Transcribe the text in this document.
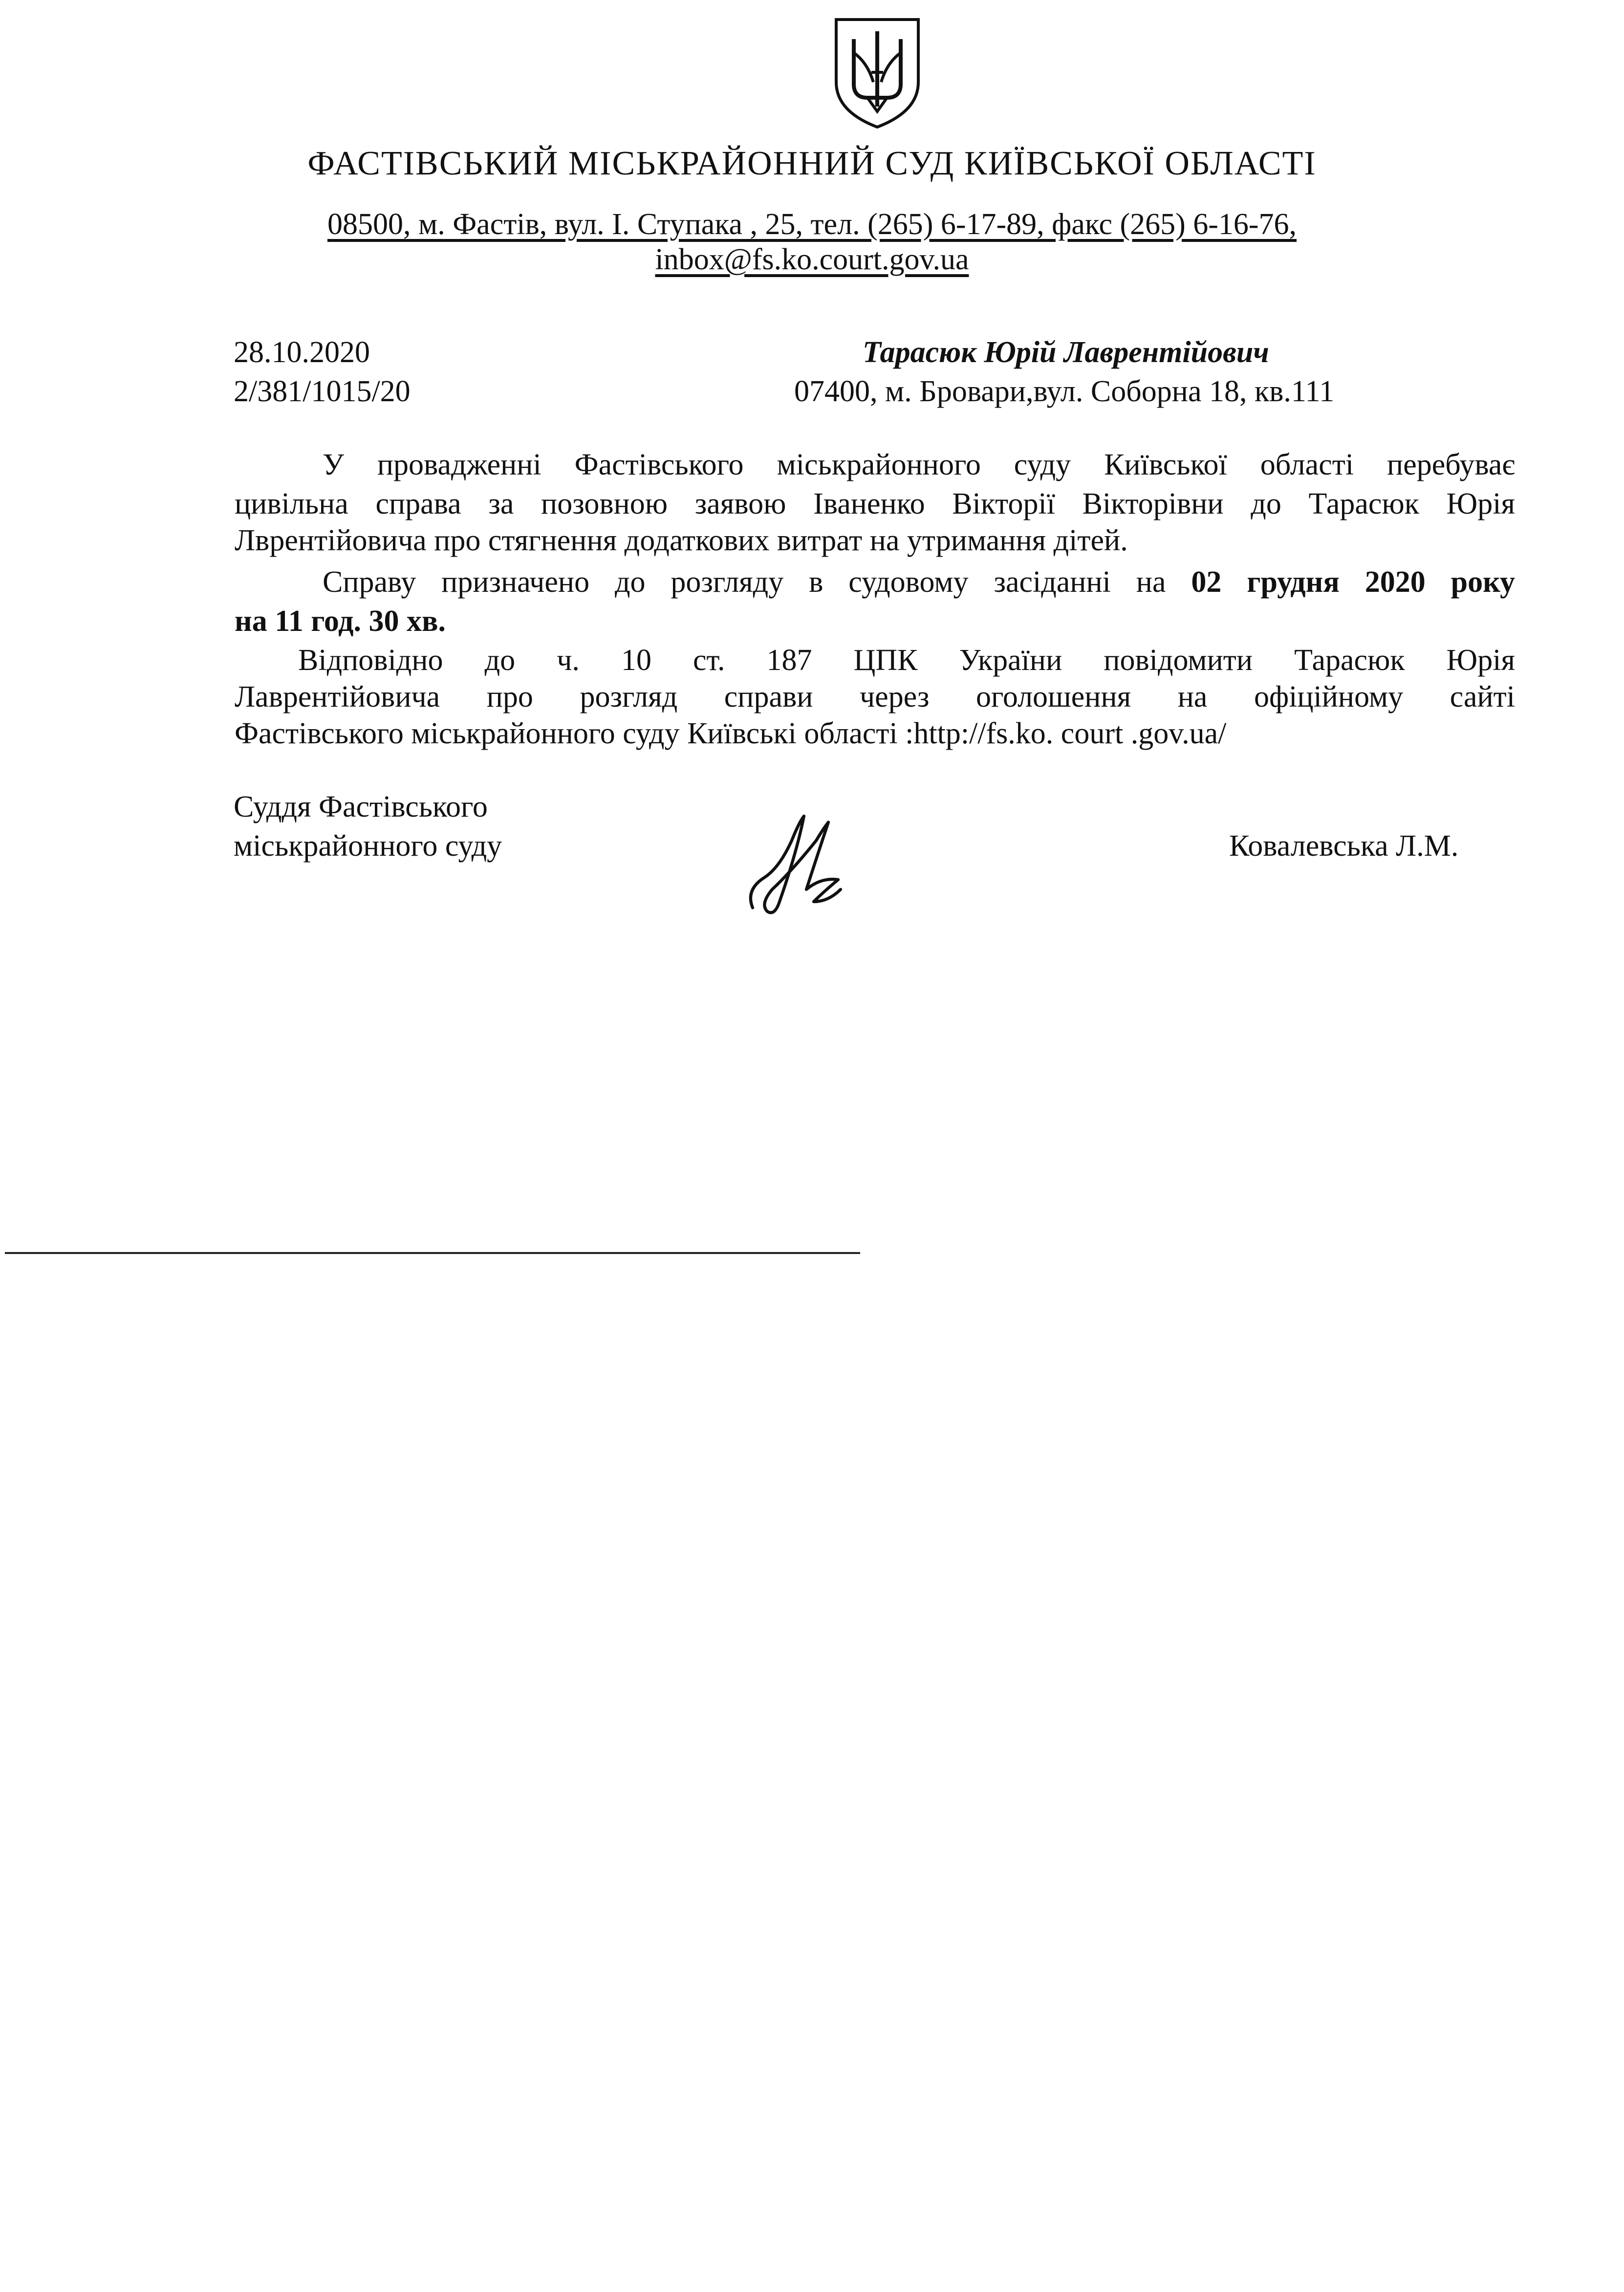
ФАСТІВСЬКИЙ МІСЬКРАЙОННИЙ СУД КИЇВСЬКОЇ ОБЛАСТІ
08500, м. Фастів, вул. І. Ступака , 25, тел. (265) 6-17-89, факс (265) 6-16-76,
inbox@fs.ko.court.gov.ua
28.10.2020
2/381/1015/20
Тарасюк Юрій Лаврентійович
07400, м. Бровари,вул. Соборна 18, кв.111
У провадженні Фастівського міськрайонного суду Київської області перебуває
цивільна справа за позовною заявою Іваненко Вікторії Вікторівни до Тарасюк Юрія
Лврентійовича про стягнення додаткових витрат на утримання дітей.
Справу призначено до розгляду в судовому засіданні на 02 грудня 2020 року
на 11 год. 30 хв.
Відповідно до ч. 10 ст. 187 ЦПК України повідомити Тарасюк Юрія
Лаврентійовича про розгляд справи через оголошення на офіційному сайті
Фастівського міськрайонного суду Київські області :http://fs.ko. court .gov.ua/
Суддя Фастівського
міськрайонного суду	Ковалевська Л.М.
